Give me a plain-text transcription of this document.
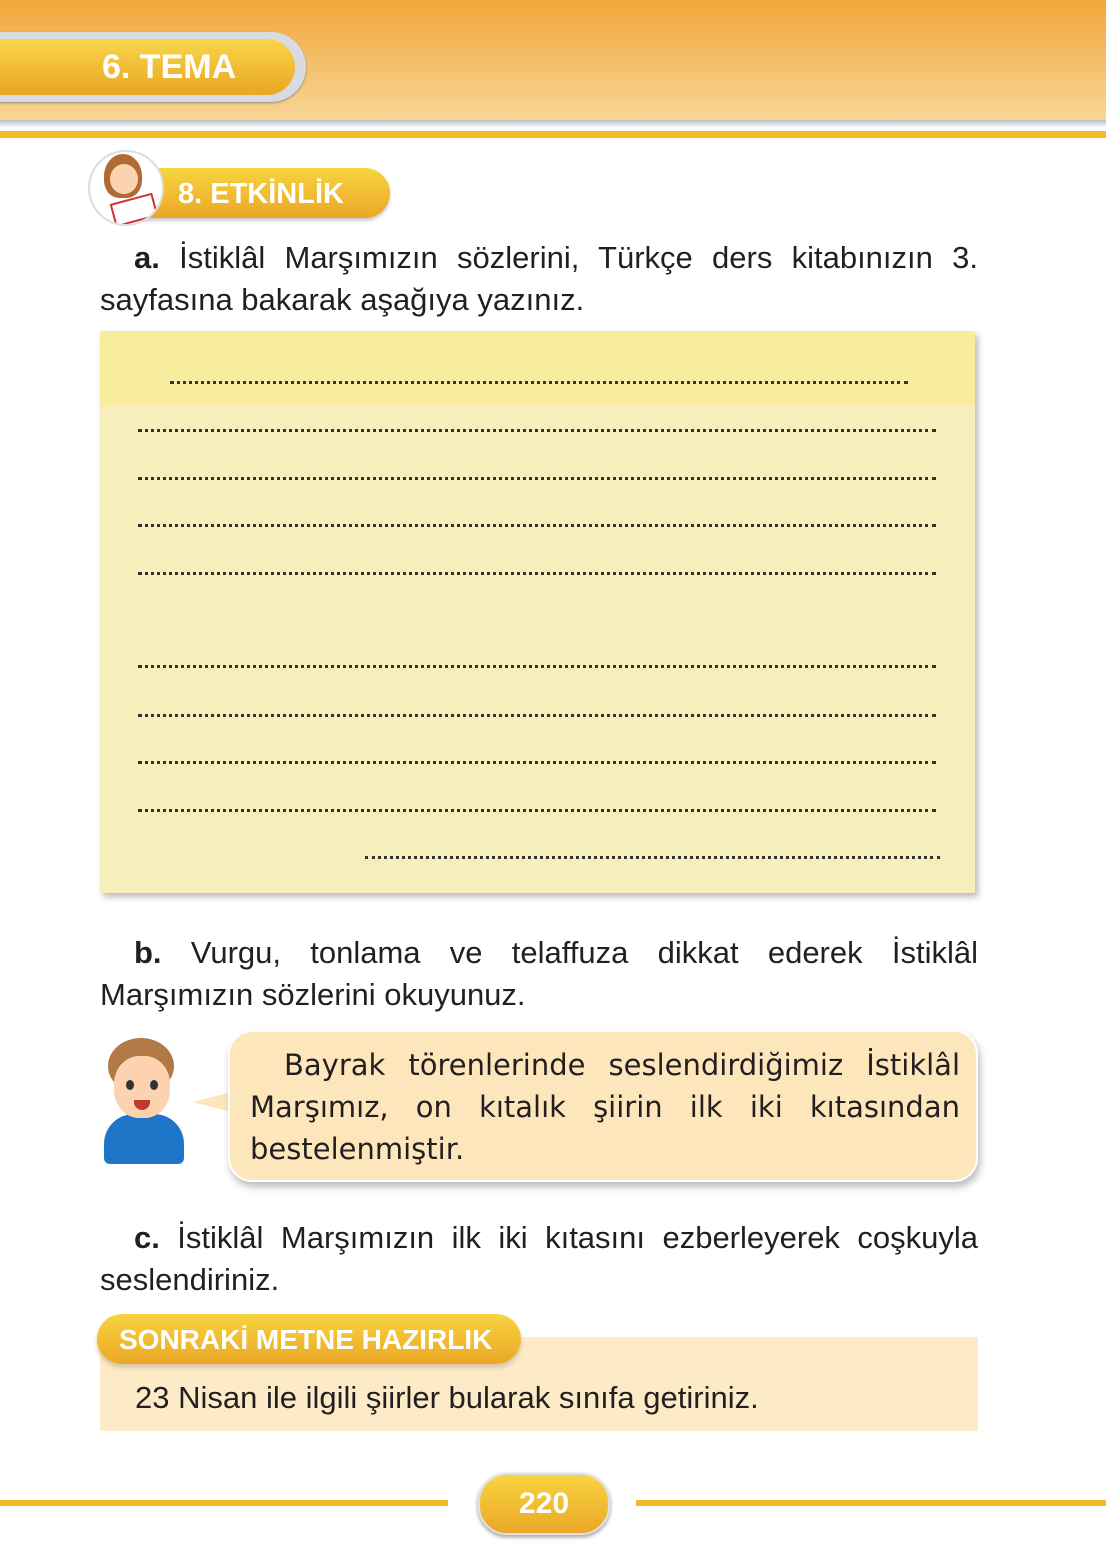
6. TEMA
8. ETKİNLİK
a. İstiklâl Marşımızın sözlerini, Türkçe ders kitabınızın 3. sayfasına bakarak aşağıya yazınız.
b. Vurgu, tonlama ve telaffuza dikkat ederek İstiklâl Marşımızın sözlerini okuyunuz.
Bayrak törenlerinde seslendirdiğimiz İstiklâl Marşımız, on kıtalık şiirin ilk iki kıtasından bestelenmiştir.
c. İstiklâl Marşımızın ilk iki kıtasını ezberleyerek coşkuyla seslendiriniz.
SONRAKİ METNE HAZIRLIK
23 Nisan ile ilgili şiirler bularak sınıfa getiriniz.
220
